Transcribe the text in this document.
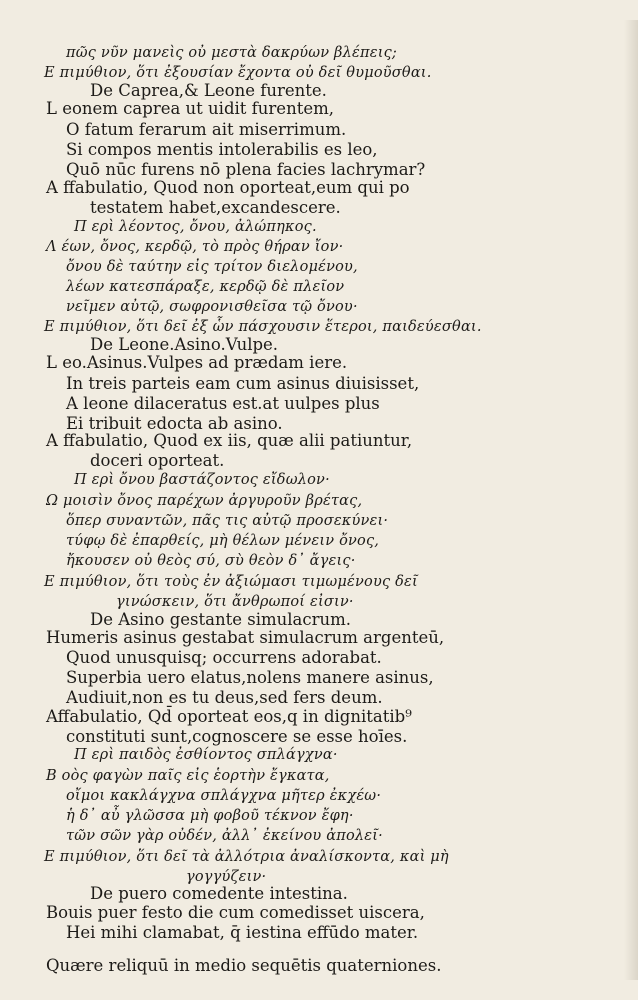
πῶς νῦν μανεὶς οὐ μεστὰ δακρύων βλέπεις;
Ε πιμύθιον, ὅτι ἐξουσίαν ἔχοντα οὐ δεῖ θυμοῦσθαι.
De Caprea,& Leone furente.
L eonem caprea ut uidit furentem,
O fatum ferarum ait miserrimum.
Si compos mentis intolerabilis es leo,
Quō nūc furens nō plena facies lachrymar?
A ffabulatio, Quod non oporteat,eum qui po
testatem habet,excandescere.
Π ερὶ λέοντος, ὄνου, ἀλώπηκος.
Λ έων, ὄνος, κερδῷ, τὸ πρὸς θήραν ἴον·
ὄνου δὲ ταύτην εἰς τρίτον διελομένου,
λέων κατεσπάραξε, κερδῷ δὲ πλεῖον
νεῖμεν αὐτῷ, σωφρονισθεῖσα τῷ ὄνου·
Ε πιμύθιον, ὅτι δεῖ ἐξ ὧν πάσχουσιν ἕτεροι, παιδεύεσθαι.
De Leone.Asino.Vulpe.
L eo.Asinus.Vulpes ad prædam iere.
In treis parteis eam cum asinus diuisisset,
A leone dilaceratus est.at uulpes plus
Ei tribuit edocta ab asino.
A ffabulatio, Quod ex iis, quæ alii patiuntur,
doceri oporteat.
Π ερὶ ὄνου βαστάζοντος εἴδωλον·
Ω μοισὶν ὄνος παρέχων ἀργυροῦν βρέτας,
ὅπερ συναντῶν, πᾶς τις αὐτῷ προσεκύνει·
τύφῳ δὲ ἐπαρθείς, μὴ θέλων μένειν ὄνος,
ἤκουσεν οὐ θεὸς σύ, σὺ θεὸν δ᾽ ἄγεις·
Ε πιμύθιον, ὅτι τοὺς ἐν ἀξιώμασι τιμωμένους δεῖ
γινώσκειν, ὅτι ἄνθρωποί εἰσιν·
De Asino gestante simulacrum.
Humeris asinus gestabat simulacrum argenteū,
Quod unusquisq; occurrens adorabat.
Superbia uero elatus,nolens manere asinus,
Audiuit,non es tu deus,sed fers deum.
Affabulatio, Qd̄ oporteat eos,q in dignitatib⁹
constituti sunt,cognoscere se esse hoīes.
Π ερὶ παιδὸς ἐσθίοντος σπλάγχνα·
Β οὸς φαγὼν παῖς εἰς ἑορτὴν ἔγκατα,
οἴμοι κακλάγχνα σπλάγχνα μῆτερ ἐκχέω·
ἡ δ᾽ αὖ γλῶσσα μὴ φοβοῦ τέκνον ἔφη·
τῶν σῶν γὰρ οὐδέν, ἀλλ᾽ ἐκείνου ἀπολεῖ·
Ε πιμύθιον, ὅτι δεῖ τὰ ἀλλότρια ἀναλίσκοντα, καὶ μὴ
γογγύζειν·
De puero comedente intestina.
Bouis puer festo die cum comedisset uiscera,
Hei mihi clamabat, q̄ iestina effūdo mater.
Quære reliquū in medio sequētis quaterniones.
